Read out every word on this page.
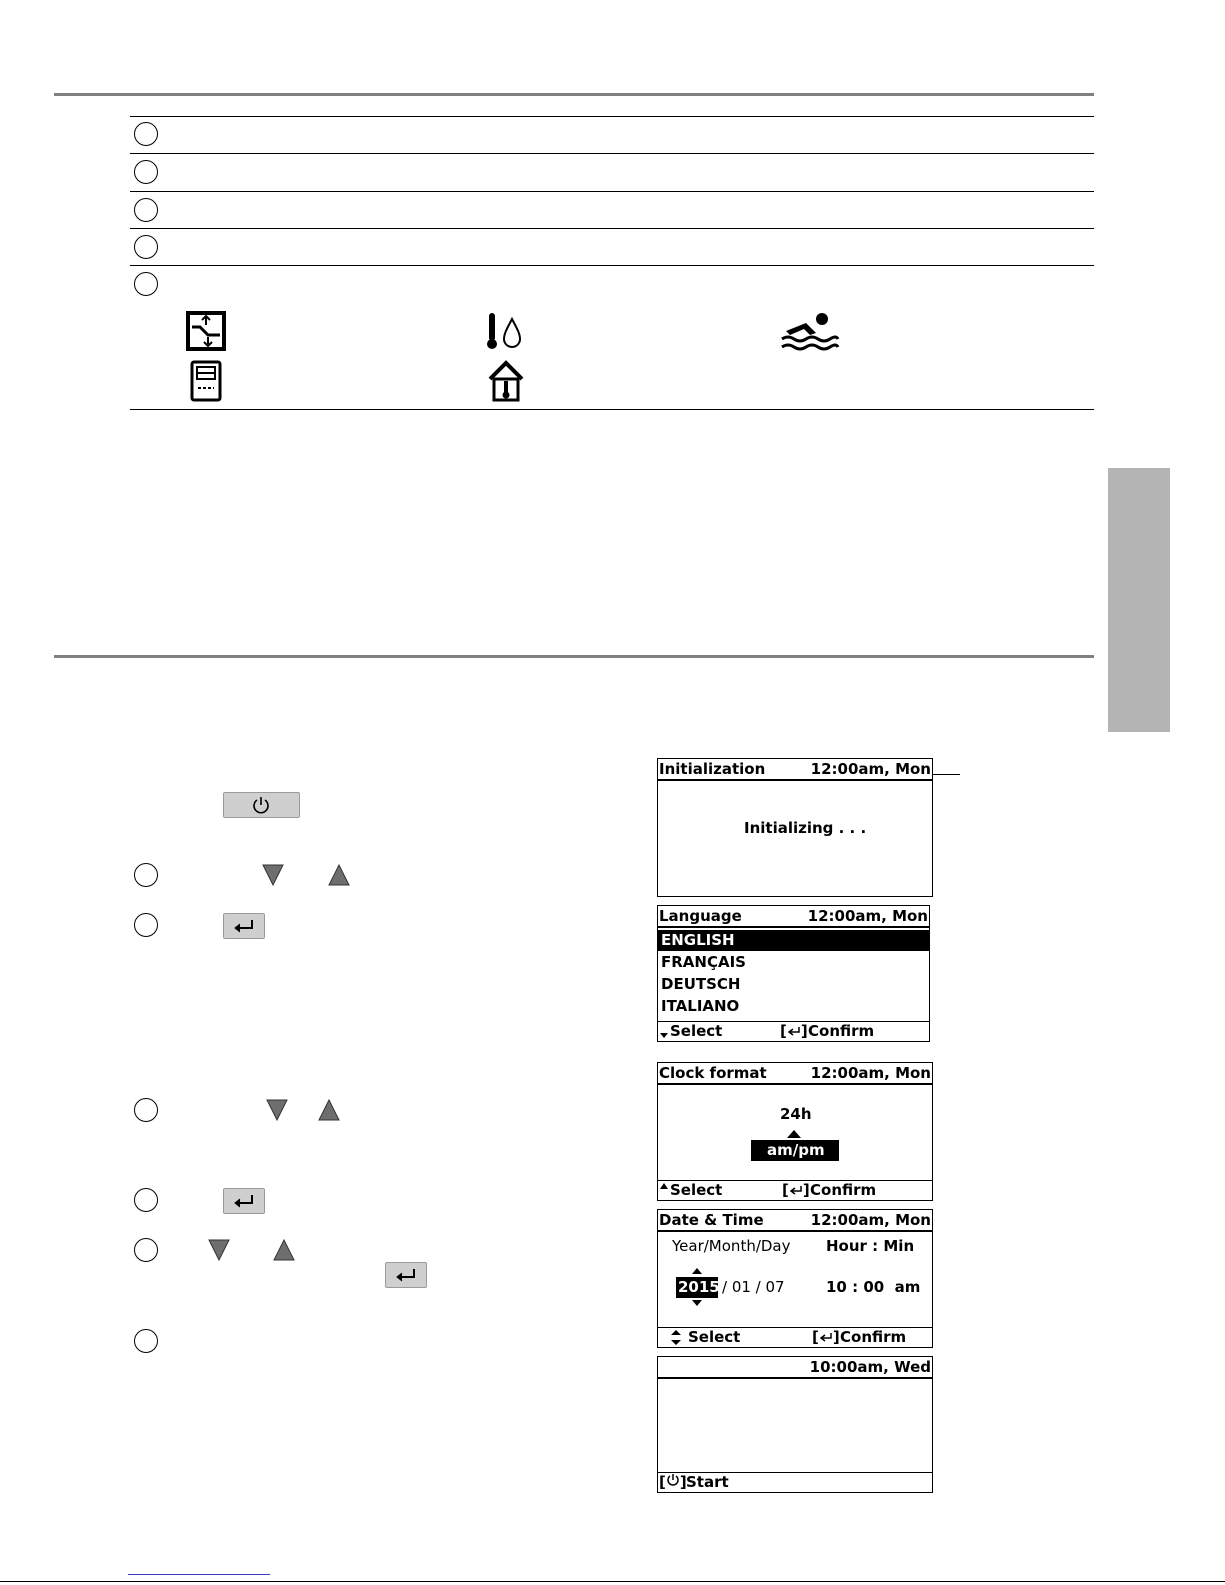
Initialization	12:00am, Mon
Initializing . . .
Language	12:00am, Mon
ENGLISH
FRANÇAIS
DEUTSCH
ITALIANO
Select	[ ] Confirm
Clock format	12:00am, Mon
24h
am/pm
Select	[ ] Confirm
Date & Time	12:00am, Mon
Year/Month/Day Hour : Min
2015 / 01 / 07	10 : 00  am
Select	[ ] Confirm
10:00am, Wed
[ ] Start
